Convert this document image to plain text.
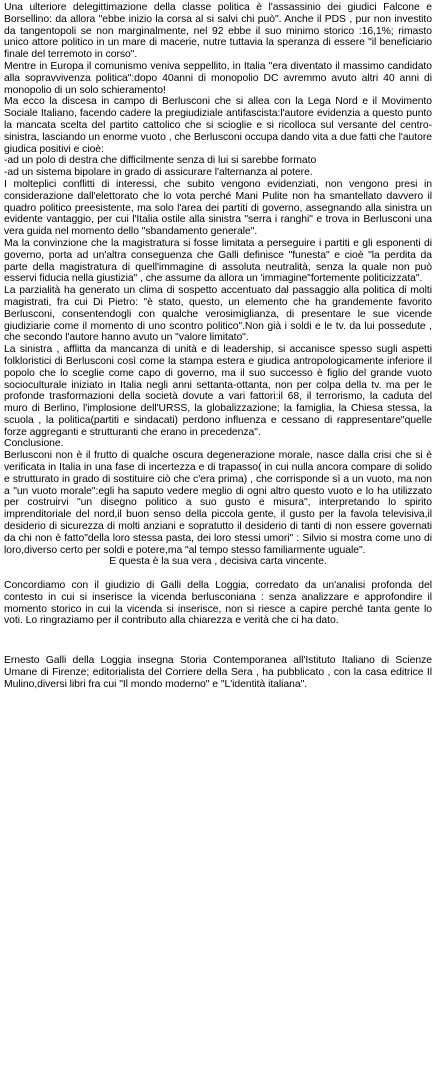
Una ulteriore delegittimazione della classe politica è l'assassinio dei giudici Falcone e Borsellino: da allora "ebbe inizio la corsa al si salvi chi può". Anche il PDS , pur non investito da tangentopoli se non marginalmente, nel 92 ebbe il suo minimo storico :16,1%; rimasto unico attore politico in un mare di macerie, nutre tuttavia la speranza di essere "il beneficiario finale del terremoto in corso".

Mentre in Europa il comunismo veniva seppellito, in Italia "era diventato il massimo candidato alla sopravvivenza politica":dopo 40anni di monopolio DC avremmo avuto altri 40 anni di monopolio di un solo schieramento!

Ma ecco la discesa in campo di Berlusconi che si allea con la Lega Nord e il Movimento Sociale Italiano, facendo cadere la pregiudiziale antifascista:l'autore evidenzia a questo punto la mancata scelta del partito cattolico che si scioglie e si ricolloca sul versante del centro-sinistra, lasciando un enorme vuoto , che Berlusconi occupa dando vita a due fatti che l'autore giudica positivi e cioè:

-ad un polo di destra che difficilmente senza di lui si sarebbe formato

-ad un sistema bipolare in grado di assicurare l'alternanza al potere.

I molteplici conflitti di interessi, che subito vengono evidenziati, non vengono presi in considerazione dall'elettorato che lo vota perché Mani Pulite non ha smantellato davvero il quadro politico preesistente, ma solo l'area dei partiti di governo, assegnando alla sinistra un evidente vantaggio, per cui l'Italia ostile alla sinistra "serra i ranghi" e trova in Berlusconi una vera guida nel momento dello "sbandamento generale".

Ma la convinzione che la magistratura si fosse limitata a perseguire i partiti e gli esponenti di governo, porta ad un'altra conseguenza che Galli definisce "funesta" e cioè "la perdita da parte della magistratura di quell'immagine di assoluta neutralità, senza la quale non può esservi fiducia nella giustizia" , che assume da allora un 'immagine"fortemente politicizzata".

La parzialità ha generato un clima di sospetto accentuato dal passaggio alla politica di molti magistrati, fra cui Di Pietro: "è stato, questo, un elemento che ha grandemente favorito Berlusconi, consentendogli con qualche verosimiglianza, di presentare le sue vicende giudiziarie come il momento di uno scontro politico".Non già i soldi e le tv. da lui possedute , che secondo l'autore hanno avuto un "valore limitato".

La sinistra , afflitta da mancanza di unità e di leadership, si accanisce spesso sugli aspetti folkloristici di Berlusconi così come la stampa estera e giudica antropologicamente inferiore il popolo che lo sceglie come capo di governo, ma il suo successo è figlio del grande vuoto socioculturale iniziato in Italia negli anni settanta-ottanta, non per colpa della tv. ma per le profonde trasformazioni della società dovute a vari fattori:il 68, il terrorismo, la caduta del muro di Berlino, l'implosione dell'URSS, la globalizzazione; la famiglia, la Chiesa stessa, la scuola , la politica(partiti e sindacati) perdono influenza e cessano di rappresentare"quelle forze aggreganti e strutturanti che erano in precedenza".

Conclusione.

Berlusconi non è il frutto di qualche oscura degenerazione morale, nasce dalla crisi che si è verificata in Italia in una fase di incertezza e di trapasso( in cui nulla ancora compare di solido e strutturato in grado di sostituire ciò che c'era prima) , che corrisponde sì a un vuoto, ma non a "un vuoto morale":egli ha saputo vedere meglio di ogni altro questo vuoto e lo ha utilizzato per costruirvi "un disegno politico a suo gusto e misura", interpretando lo spirito imprenditoriale del nord,il buon senso della piccola gente, il gusto per la favola televisiva,il desiderio di sicurezza di molti anziani e sopratutto il desiderio di tanti di non essere governati da chi non è fatto"della loro stessa pasta, dei loro stessi umori" : Silvio si mostra come uno di loro,diverso certo per soldi e potere,ma "al tempo stesso familiarmente uguale".

E questa è la sua vera , decisiva carta vincente.

Concordiamo con il giudizio di Galli della Loggia, corredato da un'analisi profonda del contesto in cui si inserisce la vicenda berlusconiana : senza analizzare e approfondire il momento storico in cui la vicenda si inserisce, non si riesce a capire perché tanta gente lo voti. Lo ringraziamo per il contributo alla chiarezza e verità che ci ha dato.

Ernesto Galli della Loggia insegna Storia Contemporanea all'Istituto Italiano di Scienze Umane di Firenze; editorialista del Corriere della Sera , ha pubblicato , con la casa editrice Il Mulino,diversi libri fra cui "Il mondo moderno" e "L'identità italiana".
